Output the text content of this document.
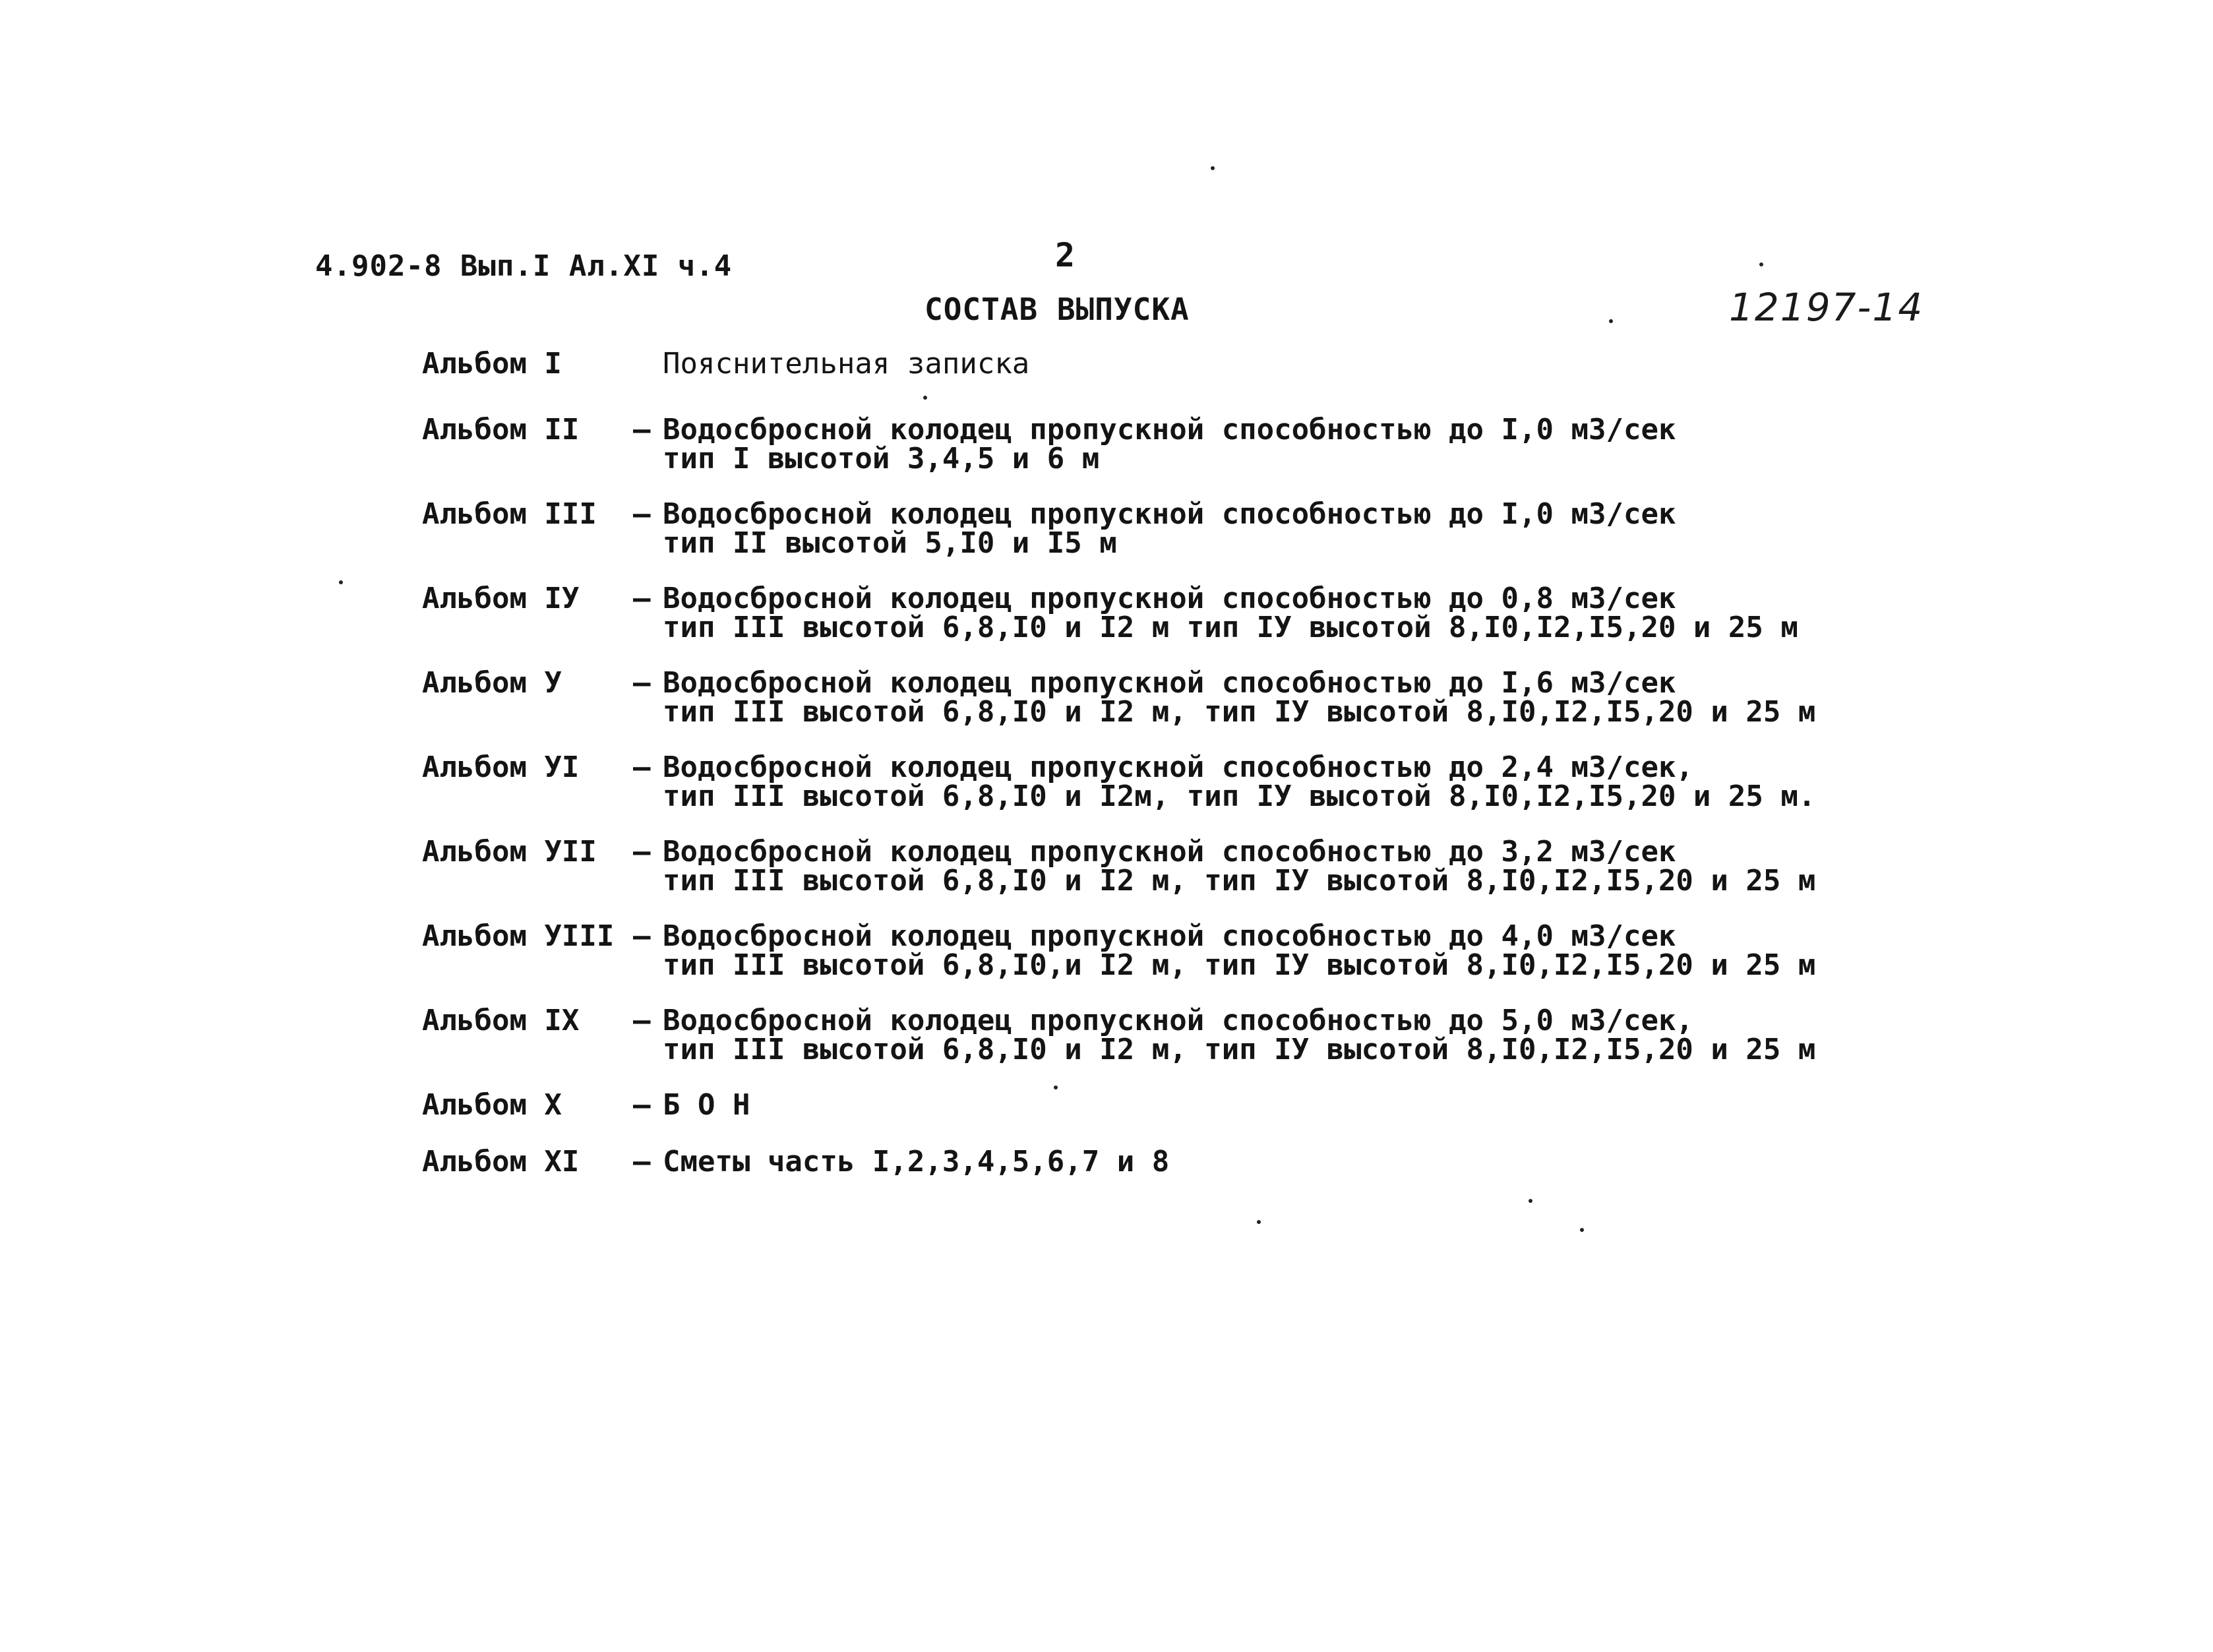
4.902-8 Вып.I Ал.XI ч.4	2
СОСТАВ ВЫПУСКА	12197-14
Альбом I	Пояснительная записка
Альбом II	– Водосбросной колодец пропускной способностью до I,0 м3/сек
тип I высотой 3,4,5 и 6 м
Альбом III	– Водосбросной колодец пропускной способностью до I,0 м3/сек
тип II высотой 5,I0 и I5 м
Альбом IУ	– Водосбросной колодец пропускной способностью до 0,8 м3/сек
тип III высотой 6,8,I0 и I2 м тип IУ высотой 8,I0,I2,I5,20 и 25 м
Альбом У	– Водосбросной колодец пропускной способностью до I,6 м3/сек
тип III высотой 6,8,I0 и I2 м, тип IУ высотой 8,I0,I2,I5,20 и 25 м
Альбом УI	– Водосбросной колодец пропускной способностью до 2,4 м3/сек,
тип III высотой 6,8,I0 и I2м, тип IУ высотой 8,I0,I2,I5,20 и 25 м.
Альбом УII	– Водосбросной колодец пропускной способностью до 3,2 м3/сек
тип III высотой 6,8,I0 и I2 м, тип IУ высотой 8,I0,I2,I5,20 и 25 м
Альбом УIII – Водосбросной колодец пропускной способностью до 4,0 м3/сек
тип III высотой 6,8,I0,и I2 м, тип IУ высотой 8,I0,I2,I5,20 и 25 м
Альбом IX	– Водосбросной колодец пропускной способностью до 5,0 м3/сек,
тип III высотой 6,8,I0 и I2 м, тип IУ высотой 8,I0,I2,I5,20 и 25 м
Альбом X	– Б О Н
Альбом XI	– Сметы часть I,2,3,4,5,6,7 и 8
